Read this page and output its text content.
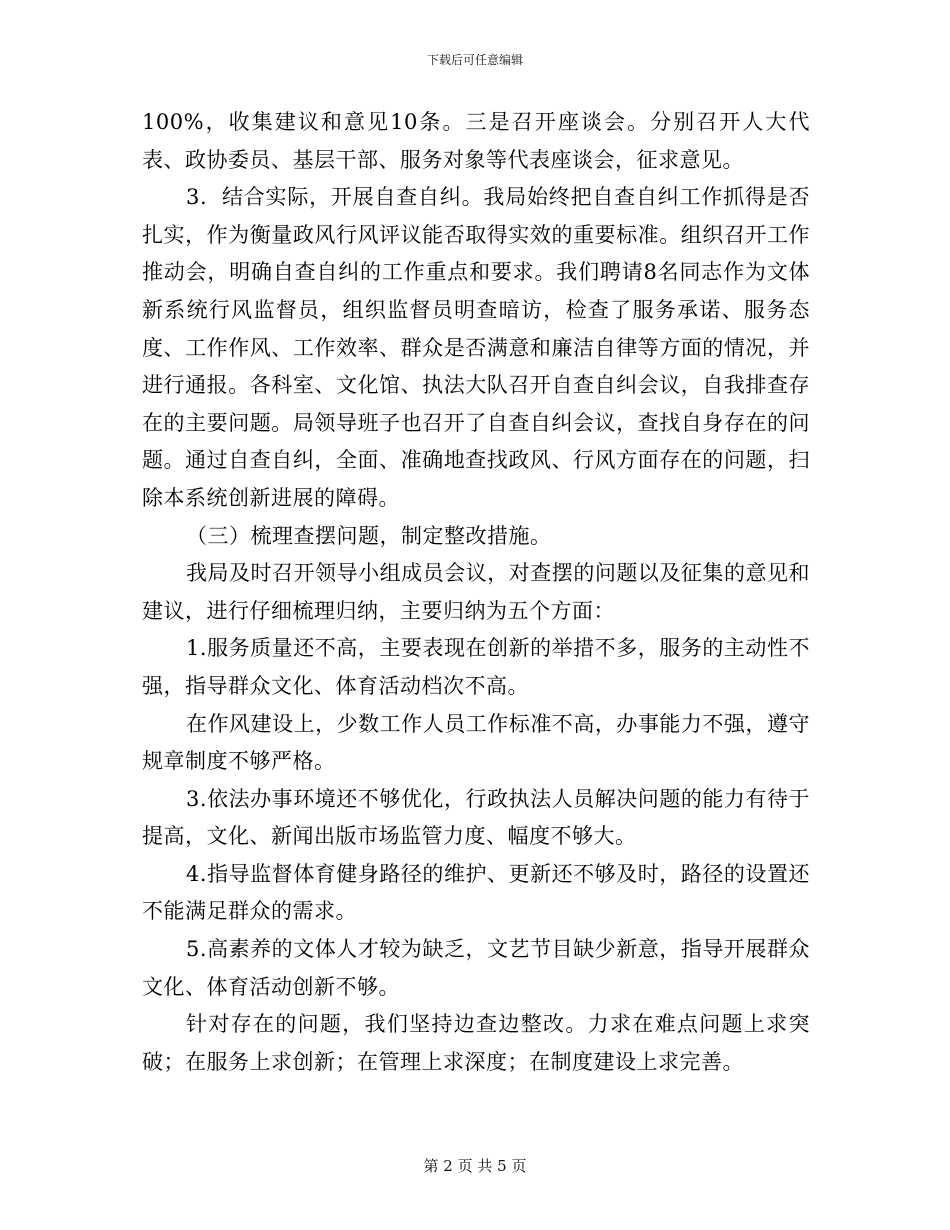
下载后可任意编辑

100%，收集建议和意见10条。三是召开座谈会。分别召开人大代表、政协委员、基层干部、服务对象等代表座谈会，征求意见。

3．结合实际，开展自查自纠。我局始终把自查自纠工作抓得是否扎实，作为衡量政风行风评议能否取得实效的重要标准。组织召开工作推动会，明确自查自纠的工作重点和要求。我们聘请8名同志作为文体新系统行风监督员，组织监督员明查暗访，检查了服务承诺、服务态度、工作作风、工作效率、群众是否满意和廉洁自律等方面的情况，并进行通报。各科室、文化馆、执法大队召开自查自纠会议，自我排查存在的主要问题。局领导班子也召开了自查自纠会议，查找自身存在的问题。通过自查自纠，全面、准确地查找政风、行风方面存在的问题，扫除本系统创新进展的障碍。

（三）梳理查摆问题，制定整改措施。

我局及时召开领导小组成员会议，对查摆的问题以及征集的意见和建议，进行仔细梳理归纳，主要归纳为五个方面：

1.服务质量还不高，主要表现在创新的举措不多，服务的主动性不强，指导群众文化、体育活动档次不高。

在作风建设上，少数工作人员工作标准不高，办事能力不强，遵守规章制度不够严格。

3.依法办事环境还不够优化，行政执法人员解决问题的能力有待于提高，文化、新闻出版市场监管力度、幅度不够大。

4.指导监督体育健身路径的维护、更新还不够及时，路径的设置还不能满足群众的需求。

5.高素养的文体人才较为缺乏，文艺节目缺少新意，指导开展群众文化、体育活动创新不够。

针对存在的问题，我们坚持边查边整改。力求在难点问题上求突破；在服务上求创新；在管理上求深度；在制度建设上求完善。

第 2 页 共 5 页
